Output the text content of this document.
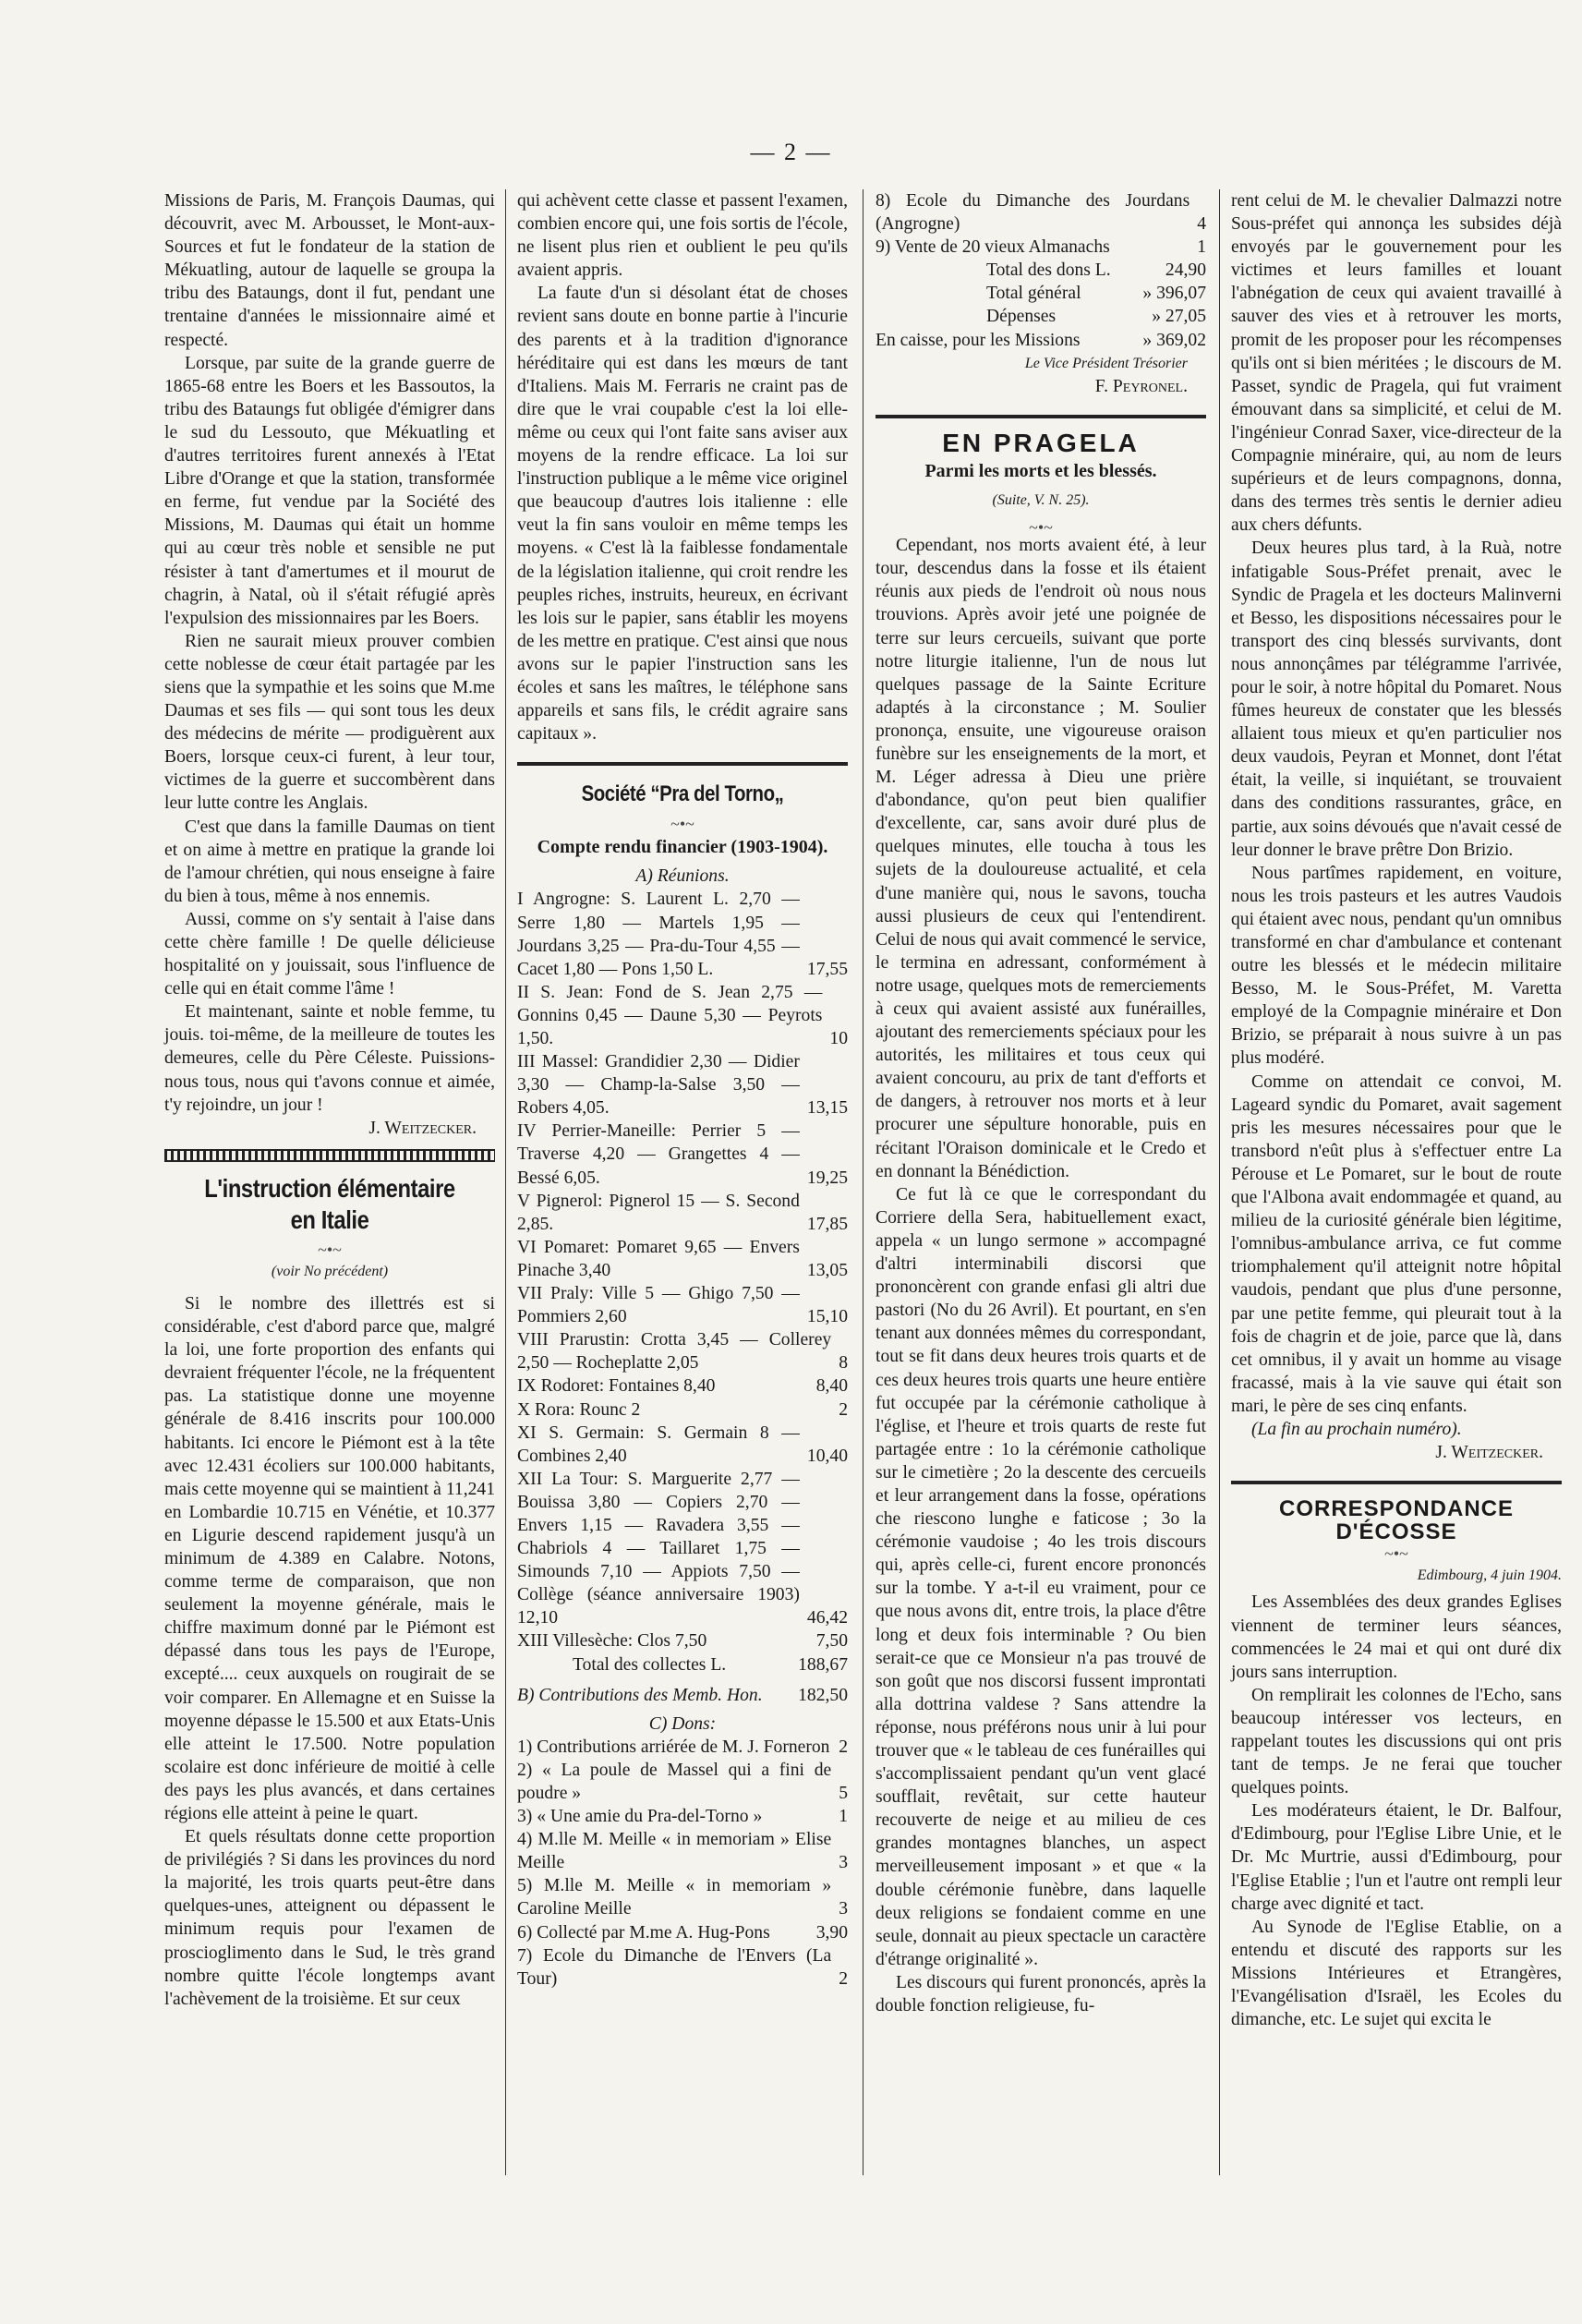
— 2 —

Missions de Paris, M. François Daumas, qui découvrit, avec M. Arbousset, le Mont-aux-Sources et fut le fondateur de la station de Mékuatling, autour de laquelle se groupa la tribu des Bataungs, dont il fut, pendant une trentaine d'années le missionnaire aimé et respecté.

Lorsque, par suite de la grande guerre de 1865-68 entre les Boers et les Bassoutos, la tribu des Bataungs fut obligée d'émigrer dans le sud du Lessouto, que Mékuatling et d'autres territoires furent annexés à l'Etat Libre d'Orange et que la station, transformée en ferme, fut vendue par la Société des Missions, M. Daumas qui était un homme qui au cœur très noble et sensible ne put résister à tant d'amertumes et il mourut de chagrin, à Natal, où il s'était réfugié après l'expulsion des missionnaires par les Boers.

Rien ne saurait mieux prouver combien cette noblesse de cœur était partagée par les siens que la sympathie et les soins que M.me Daumas et ses fils — qui sont tous les deux des médecins de mérite — prodiguèrent aux Boers, lorsque ceux-ci furent, à leur tour, victimes de la guerre et succombèrent dans leur lutte contre les Anglais.

C'est que dans la famille Daumas on tient et on aime à mettre en pratique la grande loi de l'amour chrétien, qui nous enseigne à faire du bien à tous, même à nos ennemis.

Aussi, comme on s'y sentait à l'aise dans cette chère famille ! De quelle délicieuse hospitalité on y jouissait, sous l'influence de celle qui en était comme l'âme !

Et maintenant, sainte et noble femme, tu jouis. toi-même, de la meilleure de toutes les demeures, celle du Père Céleste. Puissions-nous tous, nous qui t'avons connue et aimée, t'y rejoindre, un jour !

J. Weitzecker.
L'instruction élémentaire en Italie
~•~
(voir No précédent)

Si le nombre des illettrés est si considérable, c'est d'abord parce que, malgré la loi, une forte proportion des enfants qui devraient fréquenter l'école, ne la fréquentent pas. La statistique donne une moyenne générale de 8.416 inscrits pour 100.000 habitants. Ici encore le Piémont est à la tête avec 12.431 écoliers sur 100.000 habitants, mais cette moyenne qui se maintient à 11,241 en Lombardie 10.715 en Vénétie, et 10.377 en Ligurie descend rapidement jusqu'à un minimum de 4.389 en Calabre. Notons, comme terme de comparaison, que non seulement la moyenne générale, mais le chiffre maximum donné par le Piémont est dépassé dans tous les pays de l'Europe, excepté.... ceux auxquels on rougirait de se voir comparer. En Allemagne et en Suisse la moyenne dépasse le 15.500 et aux Etats-Unis elle atteint le 17.500. Notre population scolaire est donc inférieure de moitié à celle des pays les plus avancés, et dans certaines régions elle atteint à peine le quart.

Et quels résultats donne cette proportion de privilégiés ? Si dans les provinces du nord la majorité, les trois quarts peut-être dans quelques-unes, atteignent ou dépassent le minimum requis pour l'examen de proscioglimento dans le Sud, le très grand nombre quitte l'école longtemps avant l'achèvement de la troisième. Et sur ceux

qui achèvent cette classe et passent l'examen, combien encore qui, une fois sortis de l'école, ne lisent plus rien et oublient le peu qu'ils avaient appris.

La faute d'un si désolant état de choses revient sans doute en bonne partie à l'incurie des parents et à la tradition d'ignorance héréditaire qui est dans les mœurs de tant d'Italiens. Mais M. Ferraris ne craint pas de dire que le vrai coupable c'est la loi elle-même ou ceux qui l'ont faite sans aviser aux moyens de la rendre efficace. La loi sur l'instruction publique a le même vice originel que beaucoup d'autres lois italienne : elle veut la fin sans vouloir en même temps les moyens. « C'est là la faiblesse fondamentale de la législation italienne, qui croit rendre les peuples riches, instruits, heureux, en écrivant les lois sur le papier, sans établir les moyens de les mettre en pratique. C'est ainsi que nous avons sur le papier l'instruction sans les écoles et sans les maîtres, le téléphone sans appareils et sans fils, le crédit agraire sans capitaux ».

Société “Pra del Torno„
~•~
Compte rendu financier (1903-1904).
A) Réunions.
I Angrogne: S. Laurent L. 2,70 — Serre 1,80 — Martels 1,95 — Jourdans 3,25 — Pra-du-Tour 4,55 — Cacet 1,80 — Pons 1,50 L.	17,55
II S. Jean: Fond de S. Jean 2,75 — Gonnins 0,45 — Daune 5,30 — Peyrots 1,50.	10
III Massel: Grandidier 2,30 — Didier 3,30 — Champ-la-Salse 3,50 — Robers 4,05.	13,15
IV Perrier-Maneille: Perrier 5 — Traverse 4,20 — Grangettes 4 — Bessé 6,05.	19,25
V Pignerol: Pignerol 15 — S. Second 2,85.	17,85
VI Pomaret: Pomaret 9,65 — Envers Pinache 3,40	13,05
VII Praly: Ville 5 — Ghigo 7,50 — Pommiers 2,60	15,10
VIII Prarustin: Crotta 3,45 — Collerey 2,50 — Rocheplatte 2,05	8
IX Rodoret: Fontaines 8,40	8,40
X Rora: Rounc 2	2
XI S. Germain: S. Germain 8 — Combines 2,40	10,40
XII La Tour: S. Marguerite 2,77 — Bouissa 3,80 — Copiers 2,70 — Envers 1,15 — Ravadera 3,55 — Chabriols 4 — Taillaret 1,75 — Simounds 7,10 — Appiots 7,50 — Collège (séance anniversaire 1903) 12,10	46,42
XIII Villesèche: Clos 7,50	7,50
Total des collectes L.	188,67
B) Contributions des Memb. Hon. 182,50
C) Dons:
1) Contributions arriérée de M. J. Forneron 2
2) « La poule de Massel qui a fini de poudre »	5
3) « Une amie du Pra-del-Torno »	1
4) M.lle M. Meille « in memoriam » Elise Meille	3
5) M.lle M. Meille « in memoriam » Caroline Meille	3
6) Collecté par M.me A. Hug-Pons	3,90
7) Ecole du Dimanche de l'Envers (La Tour)	2
8) Ecole du Dimanche des Jourdans (Angrogne)	4
9) Vente de 20 vieux Almanachs	1
Total des dons L.	24,90
Total général	» 396,07
Dépenses	» 27,05
En caisse, pour les Missions	» 369,02
Le Vice Président Trésorier
F. Peyronel.
EN PRAGELA
Parmi les morts et les blessés.
(Suite, V. N. 25).
~•~

Cependant, nos morts avaient été, à leur tour, descendus dans la fosse et ils étaient réunis aux pieds de l'endroit où nous nous trouvions. Après avoir jeté une poignée de terre sur leurs cercueils, suivant que porte notre liturgie italienne, l'un de nous lut quelques passage de la Sainte Ecriture adaptés à la circonstance ; M. Soulier prononça, ensuite, une vigoureuse oraison funèbre sur les enseignements de la mort, et M. Léger adressa à Dieu une prière d'abondance, qu'on peut bien qualifier d'excellente, car, sans avoir duré plus de quelques minutes, elle toucha à tous les sujets de la douloureuse actualité, et cela d'une manière qui, nous le savons, toucha aussi plusieurs de ceux qui l'entendirent. Celui de nous qui avait commencé le service, le termina en adressant, conformément à notre usage, quelques mots de remerciements à ceux qui avaient assisté aux funérailles, ajoutant des remerciements spéciaux pour les autorités, les militaires et tous ceux qui avaient concouru, au prix de tant d'efforts et de dangers, à retrouver nos morts et à leur procurer une sépulture honorable, puis en récitant l'Oraison dominicale et le Credo et en donnant la Bénédiction.

Ce fut là ce que le correspondant du Corriere della Sera, habituellement exact, appela « un lungo sermone » accompagné d'altri interminabili discorsi que prononcèrent con grande enfasi gli altri due pastori (No du 26 Avril). Et pourtant, en s'en tenant aux données mêmes du correspondant, tout se fit dans deux heures trois quarts et de ces deux heures trois quarts une heure entière fut occupée par la cérémonie catholique à l'église, et l'heure et trois quarts de reste fut partagée entre : 1o la cérémonie catholique sur le cimetière ; 2o la descente des cercueils et leur arrangement dans la fosse, opérations che riescono lunghe e faticose ; 3o la cérémonie vaudoise ; 4o les trois discours qui, après celle-ci, furent encore prononcés sur la tombe. Y a-t-il eu vraiment, pour ce que nous avons dit, entre trois, la place d'être long et deux fois interminable ? Ou bien serait-ce que ce Monsieur n'a pas trouvé de son goût que nos discorsi fussent improntati alla dottrina valdese ? Sans attendre la réponse, nous préférons nous unir à lui pour trouver que « le tableau de ces funérailles qui s'accomplissaient pendant qu'un vent glacé soufflait, revêtait, sur cette hauteur recouverte de neige et au milieu de ces grandes montagnes blanches, un aspect merveilleusement imposant » et que « la double cérémonie funèbre, dans laquelle deux religions se fondaient comme en une seule, donnait au pieux spectacle un caractère d'étrange originalité ».

Les discours qui furent prononcés, après la double fonction religieuse, fu-

rent celui de M. le chevalier Dalmazzi notre Sous-préfet qui annonça les subsides déjà envoyés par le gouvernement pour les victimes et leurs familles et louant l'abnégation de ceux qui avaient travaillé à sauver des vies et à retrouver les morts, promit de les proposer pour les récompenses qu'ils ont si bien méritées ; le discours de M. Passet, syndic de Pragela, qui fut vraiment émouvant dans sa simplicité, et celui de M. l'ingénieur Conrad Saxer, vice-directeur de la Compagnie minéraire, qui, au nom de leurs supérieurs et de leurs compagnons, donna, dans des termes très sentis le dernier adieu aux chers défunts.

Deux heures plus tard, à la Ruà, notre infatigable Sous-Préfet prenait, avec le Syndic de Pragela et les docteurs Malinverni et Besso, les dispositions nécessaires pour le transport des cinq blessés survivants, dont nous annonçâmes par télégramme l'arrivée, pour le soir, à notre hôpital du Pomaret. Nous fûmes heureux de constater que les blessés allaient tous mieux et qu'en particulier nos deux vaudois, Peyran et Monnet, dont l'état était, la veille, si inquiétant, se trouvaient dans des conditions rassurantes, grâce, en partie, aux soins dévoués que n'avait cessé de leur donner le brave prêtre Don Brizio.

Nous partîmes rapidement, en voiture, nous les trois pasteurs et les autres Vaudois qui étaient avec nous, pendant qu'un omnibus transformé en char d'ambulance et contenant outre les blessés et le médecin militaire Besso, M. le Sous-Préfet, M. Varetta employé de la Compagnie minéraire et Don Brizio, se préparait à nous suivre à un pas plus modéré.

Comme on attendait ce convoi, M. Lageard syndic du Pomaret, avait sagement pris les mesures nécessaires pour que le transbord n'eût plus à s'effectuer entre La Pérouse et Le Pomaret, sur le bout de route que l'Albona avait endommagée et quand, au milieu de la curiosité générale bien légitime, l'omnibus-ambulance arriva, ce fut comme triomphalement qu'il atteignit notre hôpital vaudois, pendant que plus d'une personne, par une petite femme, qui pleurait tout à la fois de chagrin et de joie, parce que là, dans cet omnibus, il y avait un homme au visage fracassé, mais à la vie sauve qui était son mari, le père de ses cinq enfants.

(La fin au prochain numéro).

J. Weitzecker.
CORRESPONDANCE D'ÉCOSSE
~•~
Edimbourg, 4 juin 1904.

Les Assemblées des deux grandes Eglises viennent de terminer leurs séances, commencées le 24 mai et qui ont duré dix jours sans interruption.

On remplirait les colonnes de l'Echo, sans beaucoup intéresser vos lecteurs, en rappelant toutes les discussions qui ont pris tant de temps. Je ne ferai que toucher quelques points.

Les modérateurs étaient, le Dr. Balfour, d'Edimbourg, pour l'Eglise Libre Unie, et le Dr. Mc Murtrie, aussi d'Edimbourg, pour l'Eglise Etablie ; l'un et l'autre ont rempli leur charge avec dignité et tact.

Au Synode de l'Eglise Etablie, on a entendu et discuté des rapports sur les Missions Intérieures et Etrangères, l'Evangélisation d'Israël, les Ecoles du dimanche, etc. Le sujet qui excita le
